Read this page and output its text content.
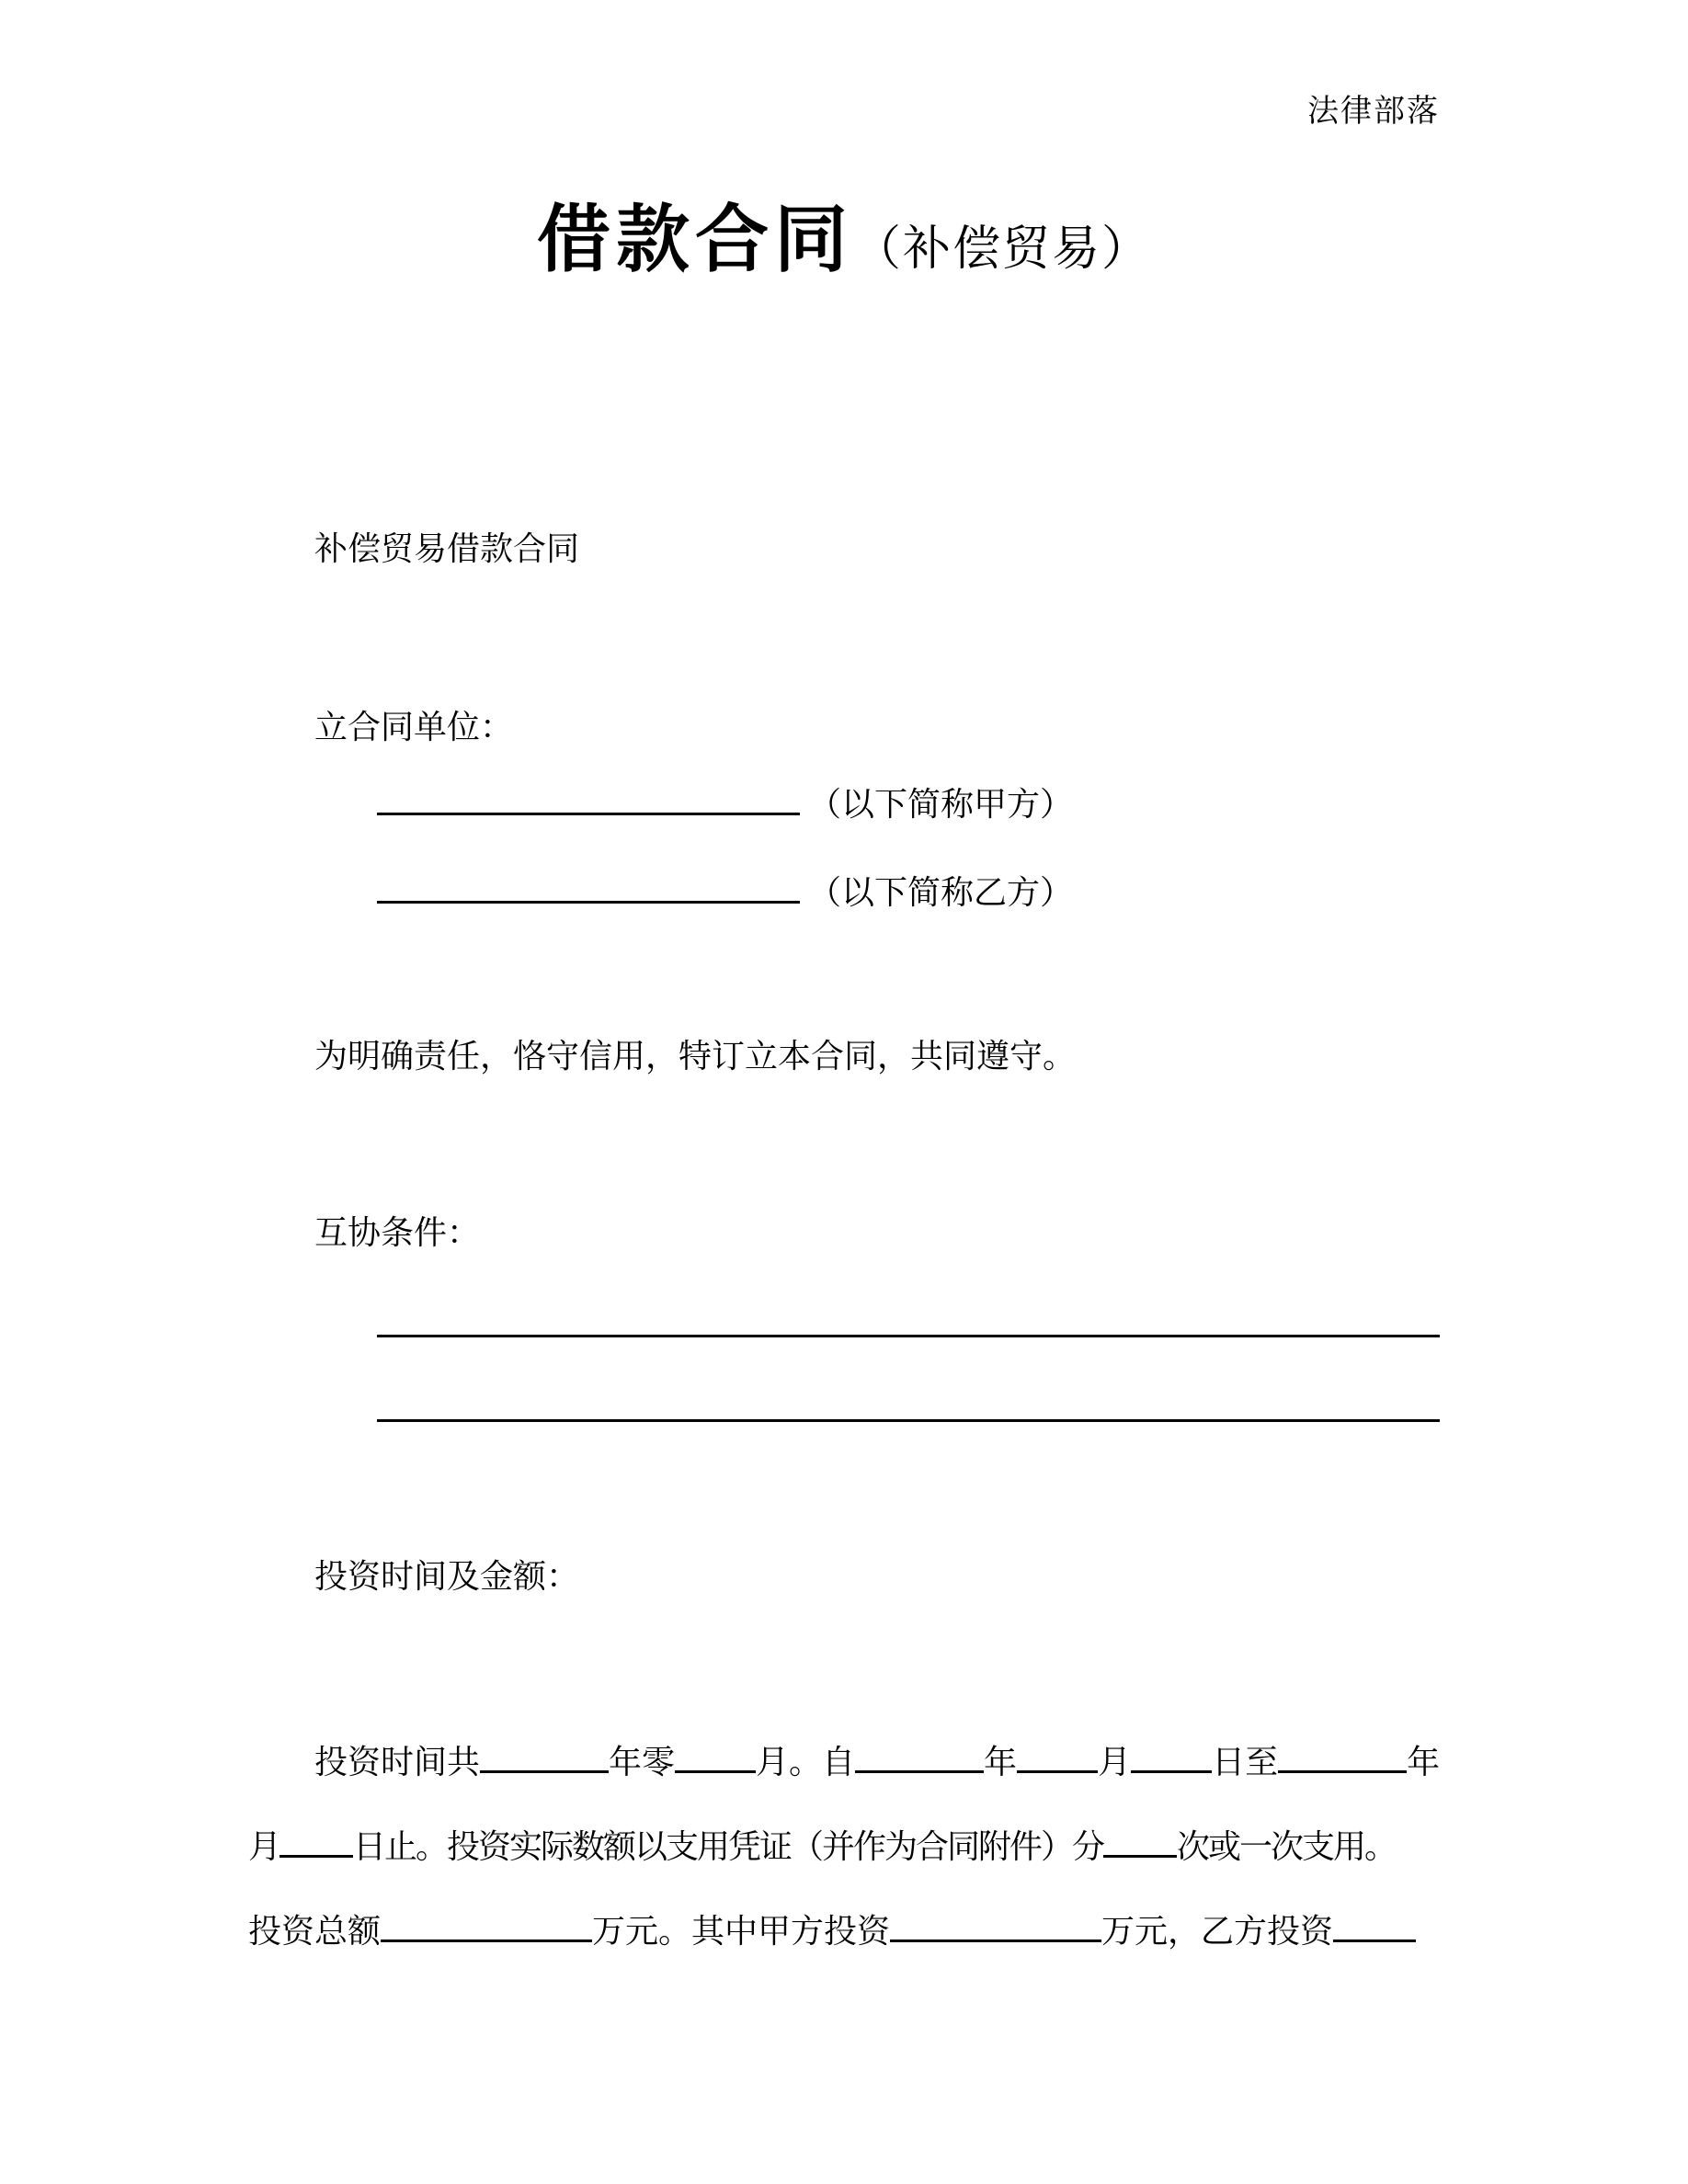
法律部落
借款合同（补偿贸易）
补偿贸易借款合同
立合同单位：
（以下简称甲方）
（以下简称乙方）
为明确责任，恪守信用，特订立本合同，共同遵守。
互协条件：
投资时间及金额：
投资时间共	年零 月。自	年 月 日至	年
月 日止。投资实际数额以支用凭证（并作为合同附件）分 次或一次支用。
投资总额	万元。其中甲方投资	万元，乙方投资
